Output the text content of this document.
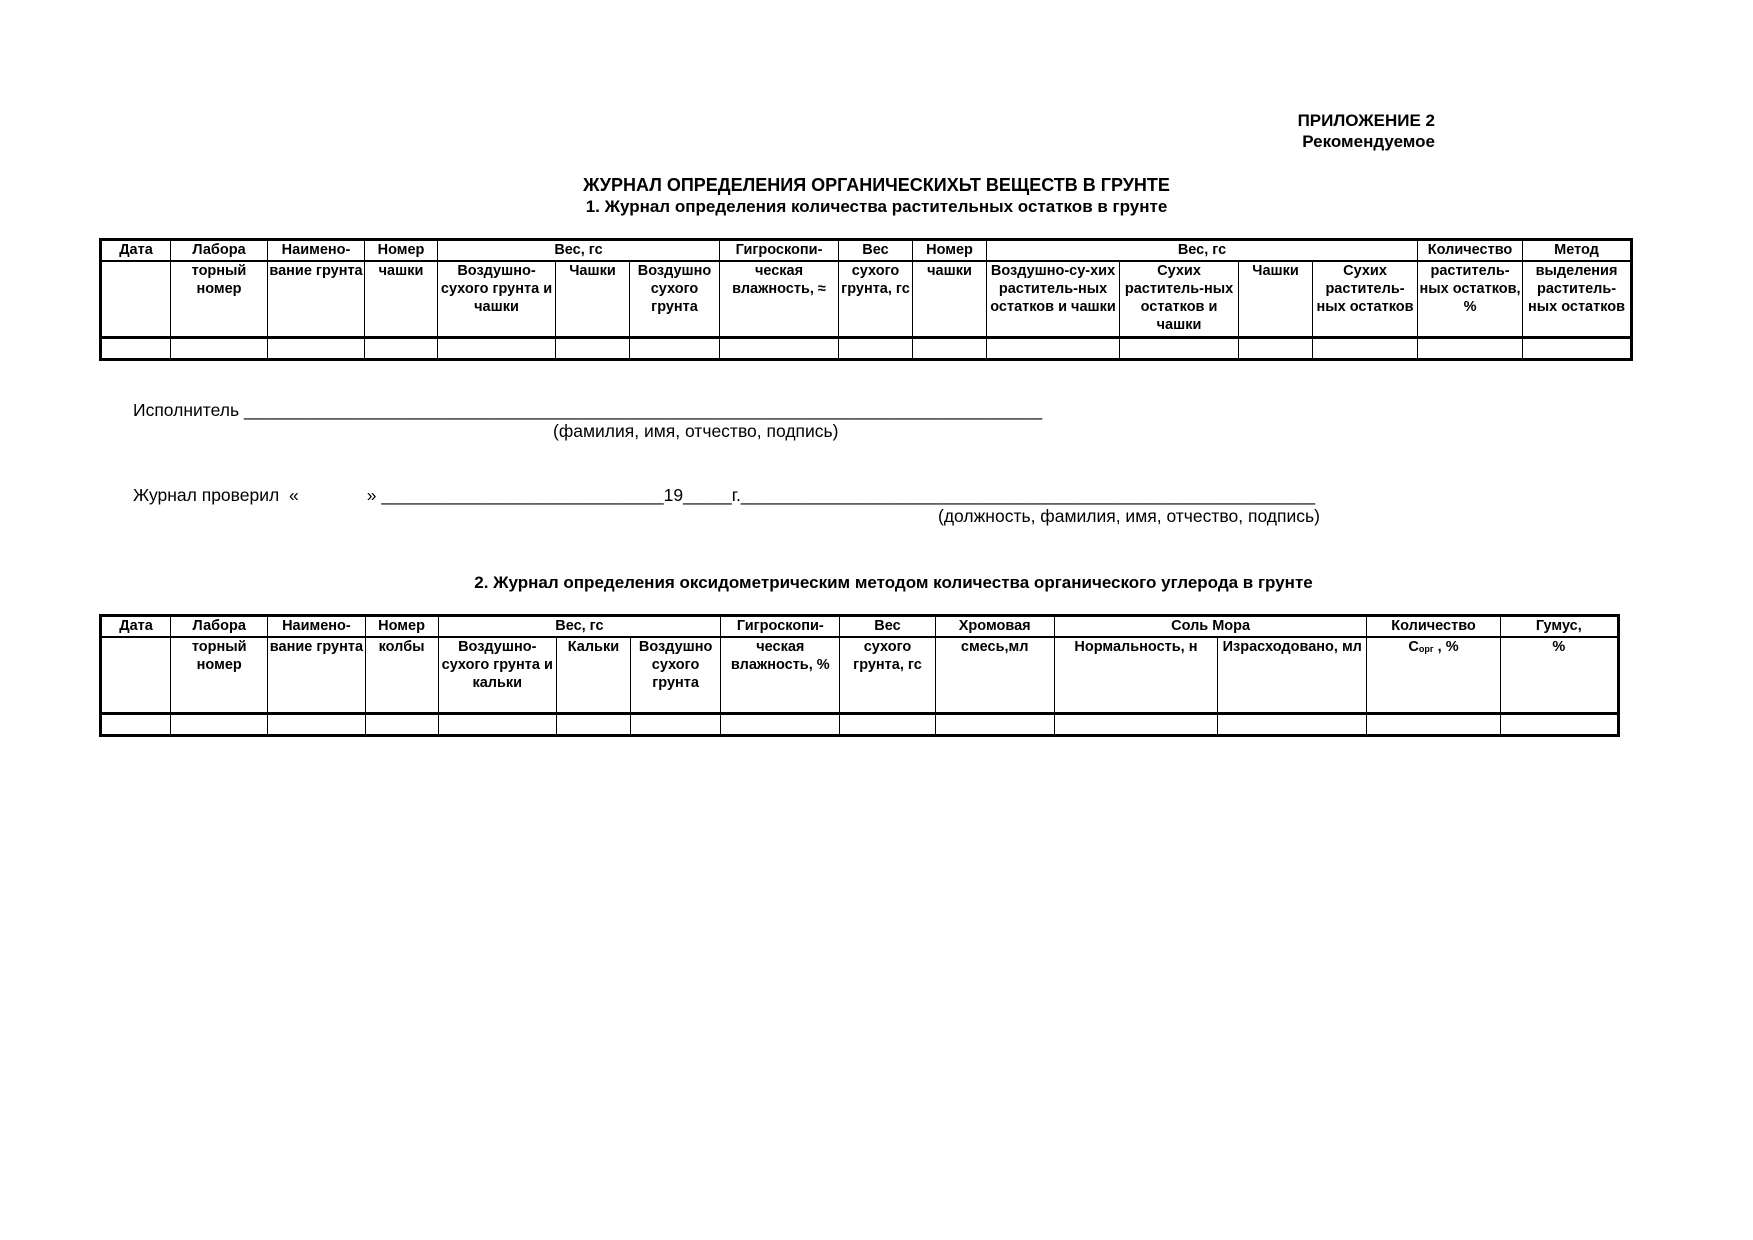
ПРИЛОЖЕНИЕ 2
Рекомендуемое
ЖУРНАЛ ОПРЕДЕЛЕНИЯ ОРГАНИЧЕСКИХЬТ ВЕЩЕСТВ В ГРУНТЕ
1. Журнал определения количества растительных остатков в грунте
Дата	Лабора	Наимено-	Номер	Вес, гс			Гигроскопи-	Вес	Номер	Вес, гс				Количество	Метод
	торный номер	вание грунта	чашки	Воздушно-сухого грунта и чашки	Чашки	Воздушно сухого грунта	ческая влажность, ≈	сухого грунта, гс	чашки	Воздушно-су-хих раститель-ных остатков и чашки	Сухих раститель-ных остатков и чашки	Чашки	Сухих раститель-ных остатков	раститель-ных остатков, %	выделения раститель-ных остатков

Исполнитель __________________________________________________________________________________
(фамилия, имя, отчество, подпись)
Журнал проверил «	» _____________________________19_____г.___________________________________________________________
(должность, фамилия, имя, отчество, подпись)
2. Журнал определения оксидометрическим методом количества органического углерода в грунте
Дата	Лабора	Наимено-	Номер	Вес, гс			Гигроскопи-	Вес	Хромовая	Соль Мора		Количество	Гумус,
	торный номер	вание грунта	колбы	Воздушно-сухого грунта и кальки	Кальки	Воздушно сухого грунта	ческая влажность, %	сухого грунта, гс	смесь,мл	Нормальность, н	Израсходовано, мл	$C_{орг}$ , %	%
